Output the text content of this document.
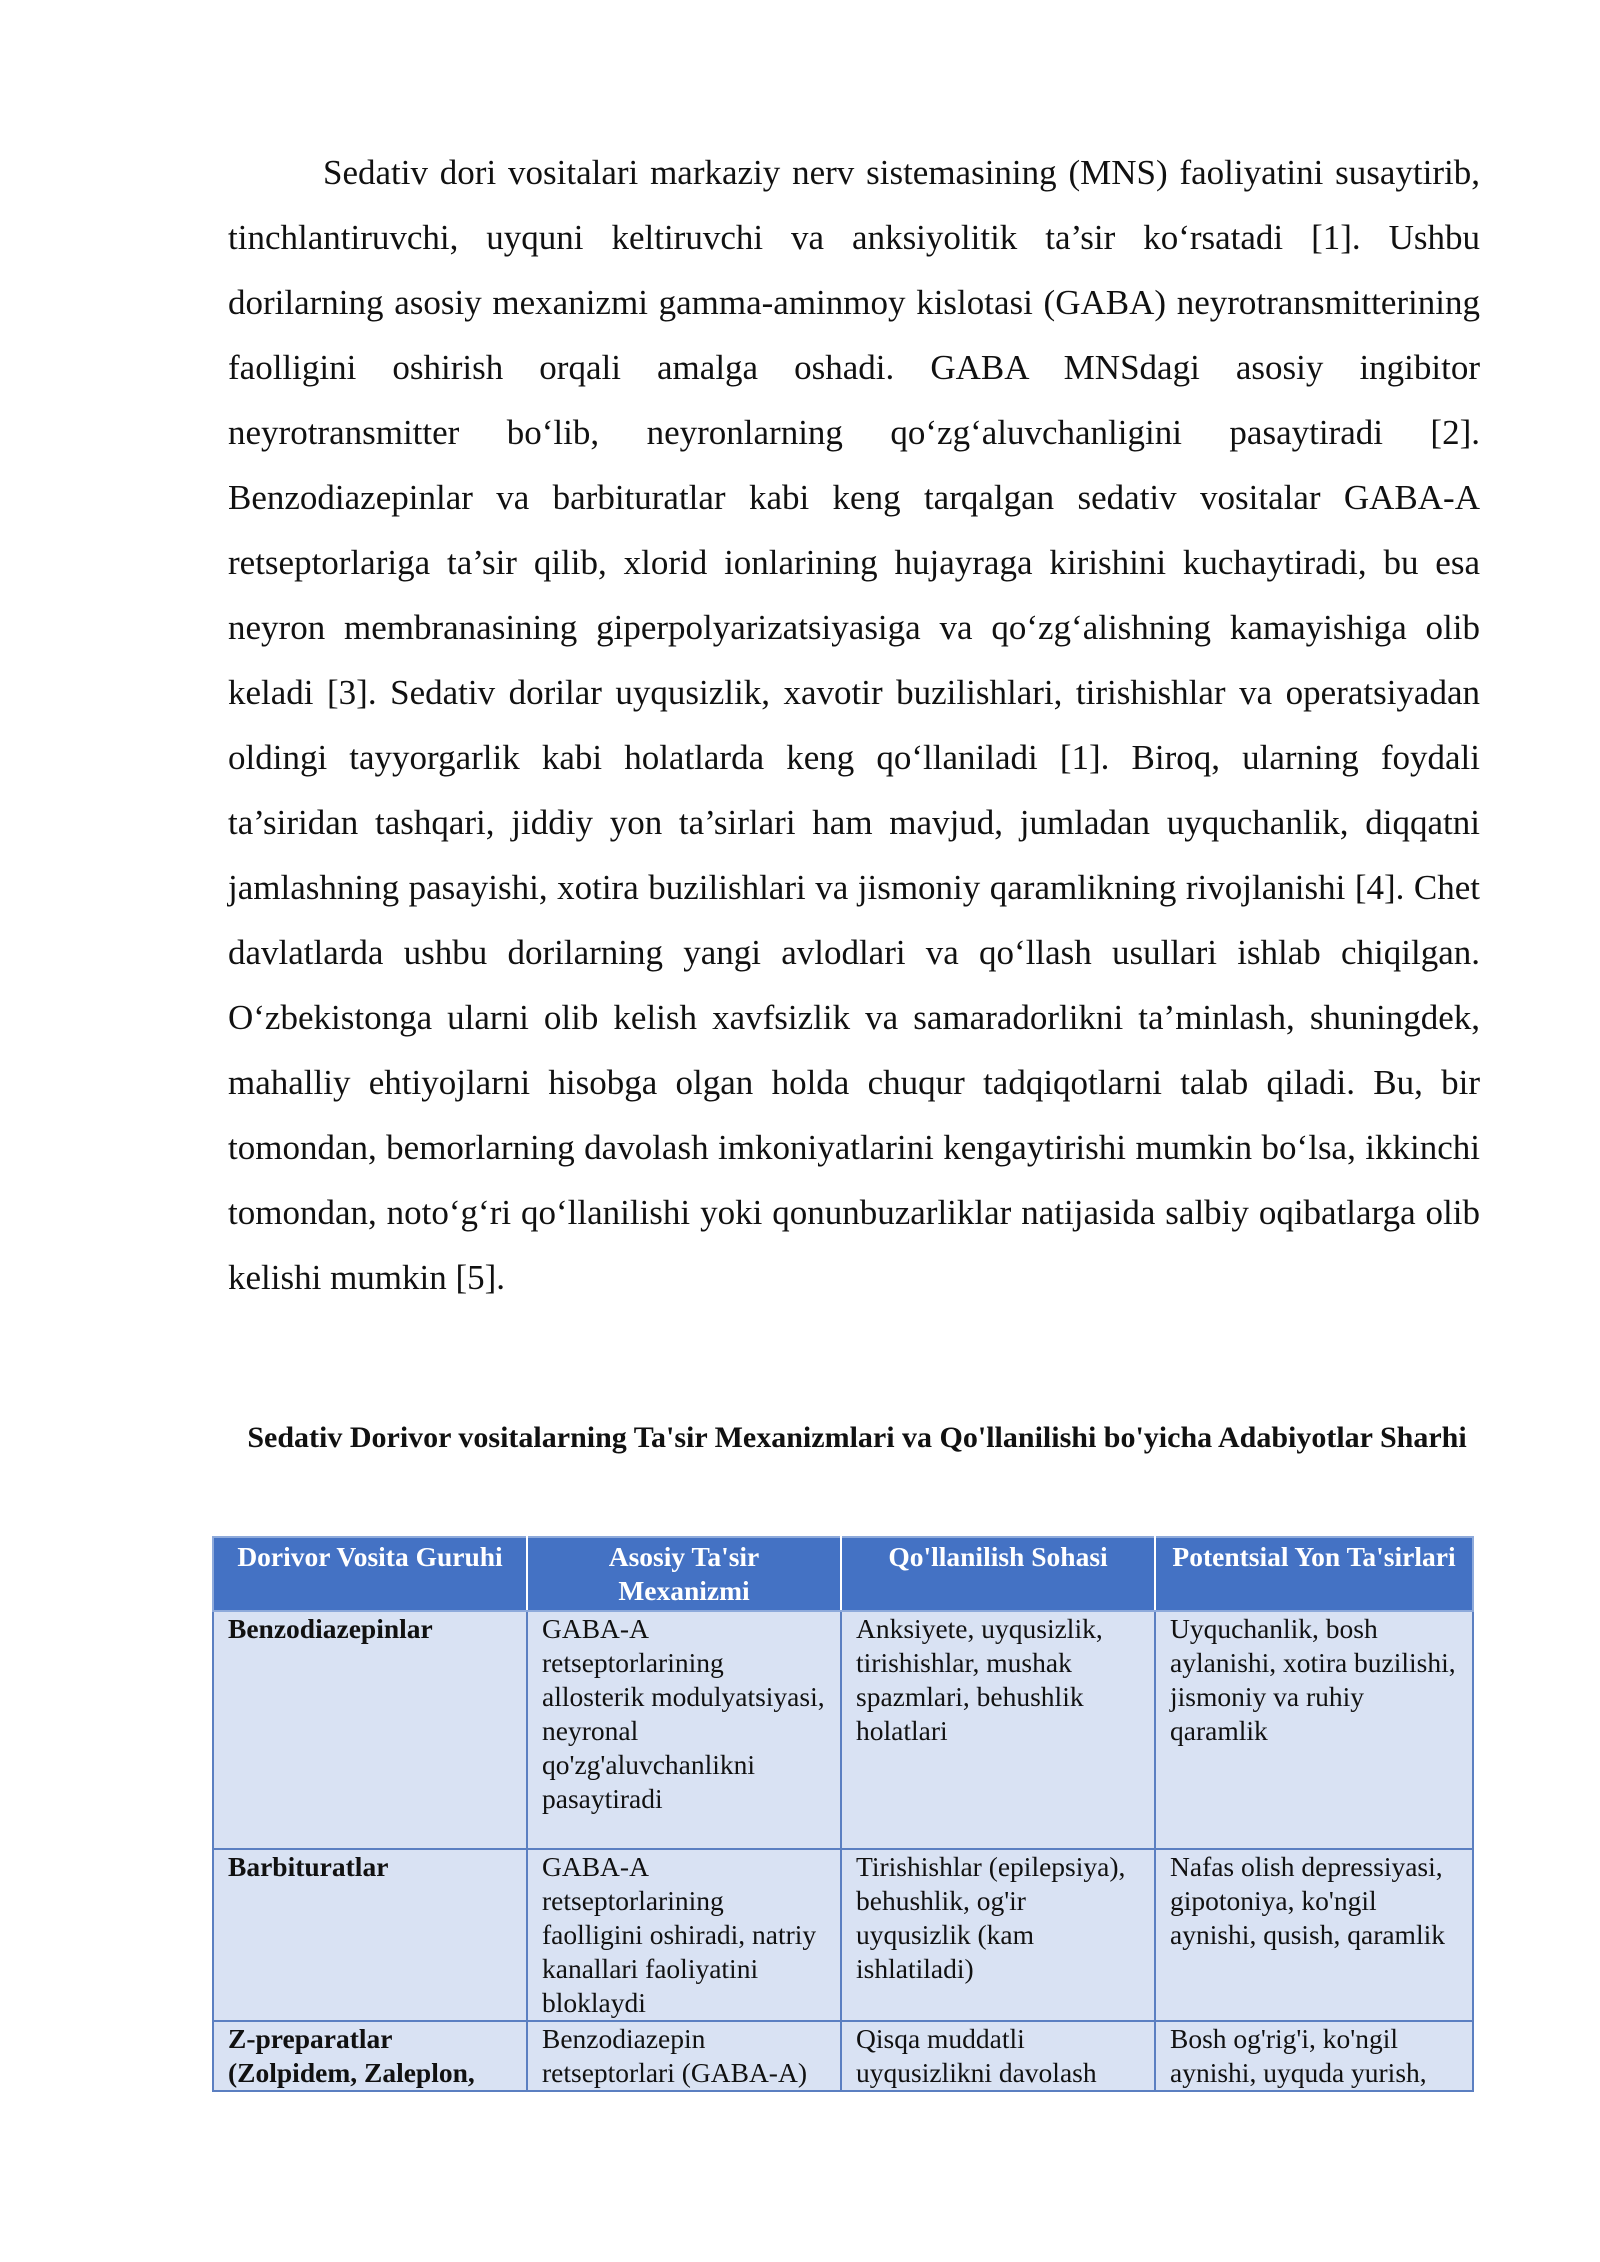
Sedativ dori vositalari markaziy nerv sistemasining (MNS) faoliyatini susaytirib, tinchlantiruvchi, uyquni keltiruvchi va anksiyolitik ta’sir ko‘rsatadi [1]. Ushbu dorilarning asosiy mexanizmi gamma-aminmoy kislotasi (GABA) neyrotransmitterining faolligini oshirish orqali amalga oshadi. GABA MNSdagi asosiy ingibitor neyrotransmitter bo‘lib, neyronlarning qo‘zg‘aluvchanligini pasaytiradi [2]. Benzodiazepinlar va barbituratlar kabi keng tarqalgan sedativ vositalar GABA-A retseptorlariga ta’sir qilib, xlorid ionlarining hujayraga kirishini kuchaytiradi, bu esa neyron membranasining giperpolyarizatsiyasiga va qo‘zg‘alishning kamayishiga olib keladi [3]. Sedativ dorilar uyqusizlik, xavotir buzilishlari, tirishishlar va operatsiyadan oldingi tayyorgarlik kabi holatlarda keng qo‘llaniladi [1]. Biroq, ularning foydali ta’siridan tashqari, jiddiy yon ta’sirlari ham mavjud, jumladan uyquchanlik, diqqatni jamlashning pasayishi, xotira buzilishlari va jismoniy qaramlikning rivojlanishi [4]. Chet davlatlarda ushbu dorilarning yangi avlodlari va qo‘llash usullari ishlab chiqilgan. O‘zbekistonga ularni olib kelish xavfsizlik va samaradorlikni ta’minlash, shuningdek, mahalliy ehtiyojlarni hisobga olgan holda chuqur tadqiqotlarni talab qiladi. Bu, bir tomondan, bemorlarning davolash imkoniyatlarini kengaytirishi mumkin bo‘lsa, ikkinchi tomondan, noto‘g‘ri qo‘llanilishi yoki qonunbuzarliklar natijasida salbiy oqibatlarga olib kelishi mumkin [5].

Sedativ Dorivor vositalarning Ta'sir Mexanizmlari va Qo'llanilishi bo'yicha Adabiyotlar Sharhi

Dorivor Vosita Guruhi	Asosiy Ta'sir Mexanizmi	Qo'llanilish Sohasi	Potentsial Yon Ta'sirlari
Benzodiazepinlar	GABA-A retseptorlarining allosterik modulyatsiyasi, neyronal qo'zg'aluvchanlikni pasaytiradi	Anksiyete, uyqusizlik, tirishishlar, mushak spazmlari, behushlik holatlari	Uyquchanlik, bosh aylanishi, xotira buzilishi, jismoniy va ruhiy qaramlik
Barbituratlar	GABA-A retseptorlarining faolligini oshiradi, natriy kanallari faoliyatini bloklaydi	Tirishishlar (epilepsiya), behushlik, og'ir uyqusizlik (kam ishlatiladi)	Nafas olish depressiyasi, gipotoniya, ko'ngil aynishi, qusish, qaramlik
Z-preparatlar (Zolpidem, Zaleplon,	Benzodiazepin retseptorlari (GABA-A)	Qisqa muddatli uyqusizlikni davolash	Bosh og'rig'i, ko'ngil aynishi, uyquda yurish,
